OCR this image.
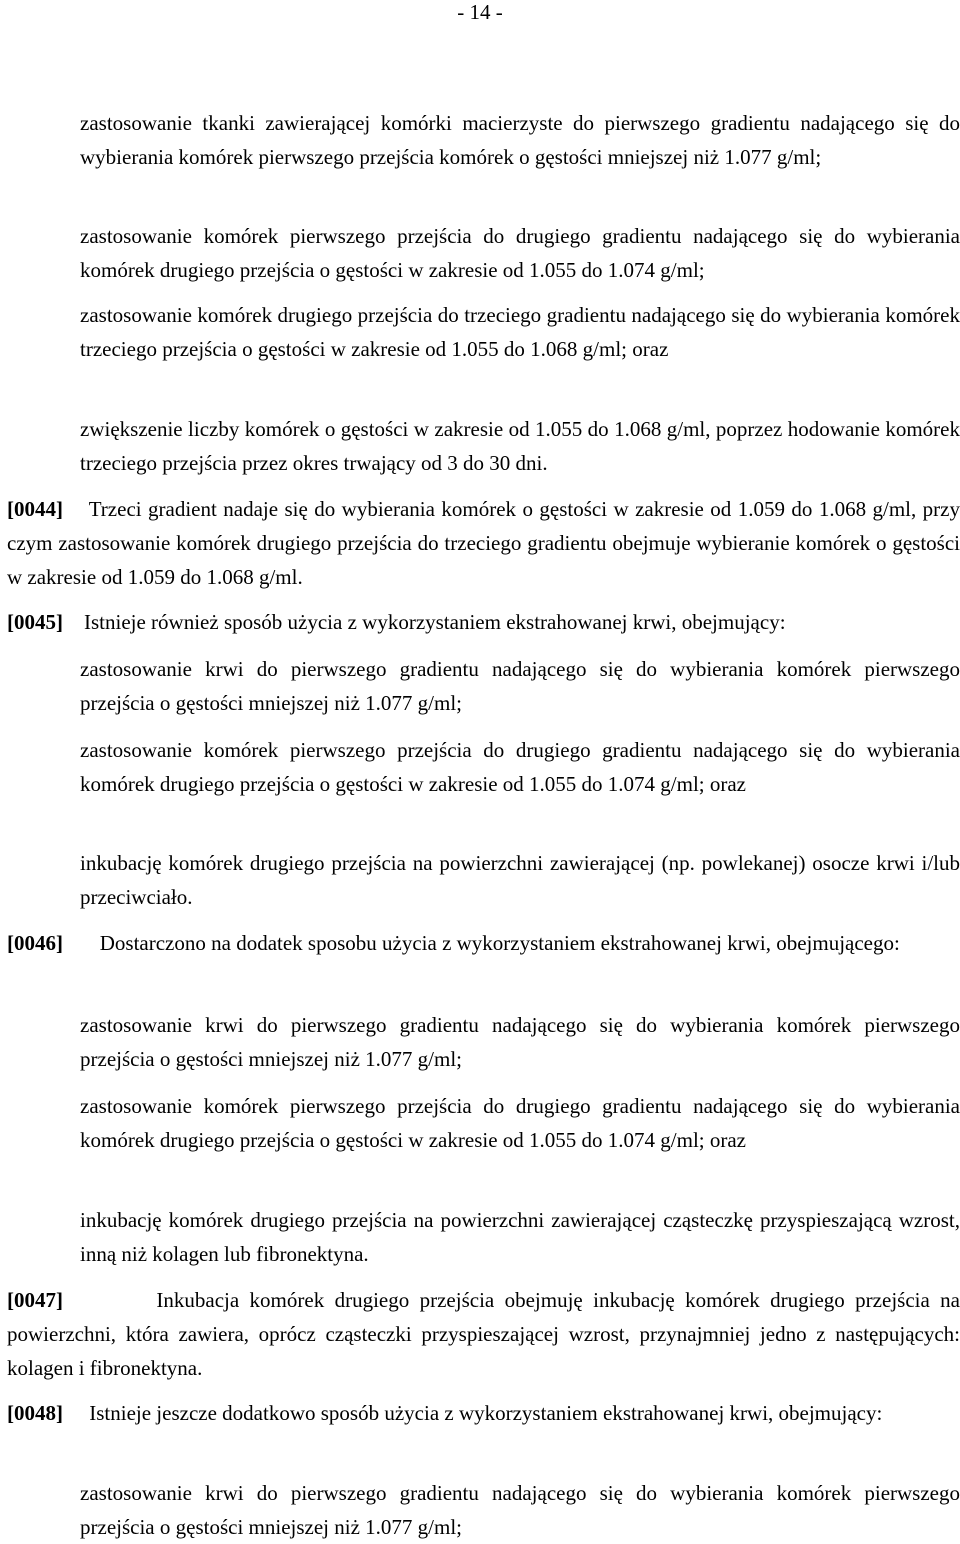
- 14 -

zastosowanie tkanki zawierającej komórki macierzyste do pierwszego gradientu nadającego się do wybierania komórek pierwszego przejścia komórek o gęstości mniejszej niż 1.077 g/ml;

zastosowanie komórek pierwszego przejścia do drugiego gradientu nadającego się do wybierania komórek drugiego przejścia o gęstości w zakresie od 1.055 do 1.074 g/ml;

zastosowanie komórek drugiego przejścia do trzeciego gradientu nadającego się do wybierania komórek trzeciego przejścia o gęstości w zakresie od 1.055 do 1.068 g/ml; oraz

zwiększenie liczby komórek o gęstości w zakresie od 1.055 do 1.068 g/ml, poprzez hodowanie komórek trzeciego przejścia przez okres trwający od 3 do 30 dni.

[0044] Trzeci gradient nadaje się do wybierania komórek o gęstości w zakresie od 1.059 do 1.068 g/ml, przy czym zastosowanie komórek drugiego przejścia do trzeciego gradientu obejmuje wybieranie komórek o gęstości w zakresie od 1.059 do 1.068 g/ml.

[0045] Istnieje również sposób użycia z wykorzystaniem ekstrahowanej krwi, obejmujący:

zastosowanie krwi do pierwszego gradientu nadającego się do wybierania komórek pierwszego przejścia o gęstości mniejszej niż 1.077 g/ml;

zastosowanie komórek pierwszego przejścia do drugiego gradientu nadającego się do wybierania komórek drugiego przejścia o gęstości w zakresie od 1.055 do 1.074 g/ml; oraz

inkubację komórek drugiego przejścia na powierzchni zawierającej (np. powlekanej) osocze krwi i/lub przeciwciało.

[0046] Dostarczono na dodatek sposobu użycia z wykorzystaniem ekstrahowanej krwi, obejmującego:

zastosowanie krwi do pierwszego gradientu nadającego się do wybierania komórek pierwszego przejścia o gęstości mniejszej niż 1.077 g/ml;

zastosowanie komórek pierwszego przejścia do drugiego gradientu nadającego się do wybierania komórek drugiego przejścia o gęstości w zakresie od 1.055 do 1.074 g/ml; oraz

inkubację komórek drugiego przejścia na powierzchni zawierającej cząsteczkę przyspieszającą wzrost, inną niż kolagen lub fibronektyna.

[0047]	Inkubacja komórek drugiego przejścia obejmuję inkubację komórek drugiego przejścia na powierzchni, która zawiera, oprócz cząsteczki przyspieszającej wzrost, przynajmniej jedno z następujących: kolagen i fibronektyna.

[0048] Istnieje jeszcze dodatkowo sposób użycia z wykorzystaniem ekstrahowanej krwi, obejmujący:

zastosowanie krwi do pierwszego gradientu nadającego się do wybierania komórek pierwszego przejścia o gęstości mniejszej niż 1.077 g/ml;
